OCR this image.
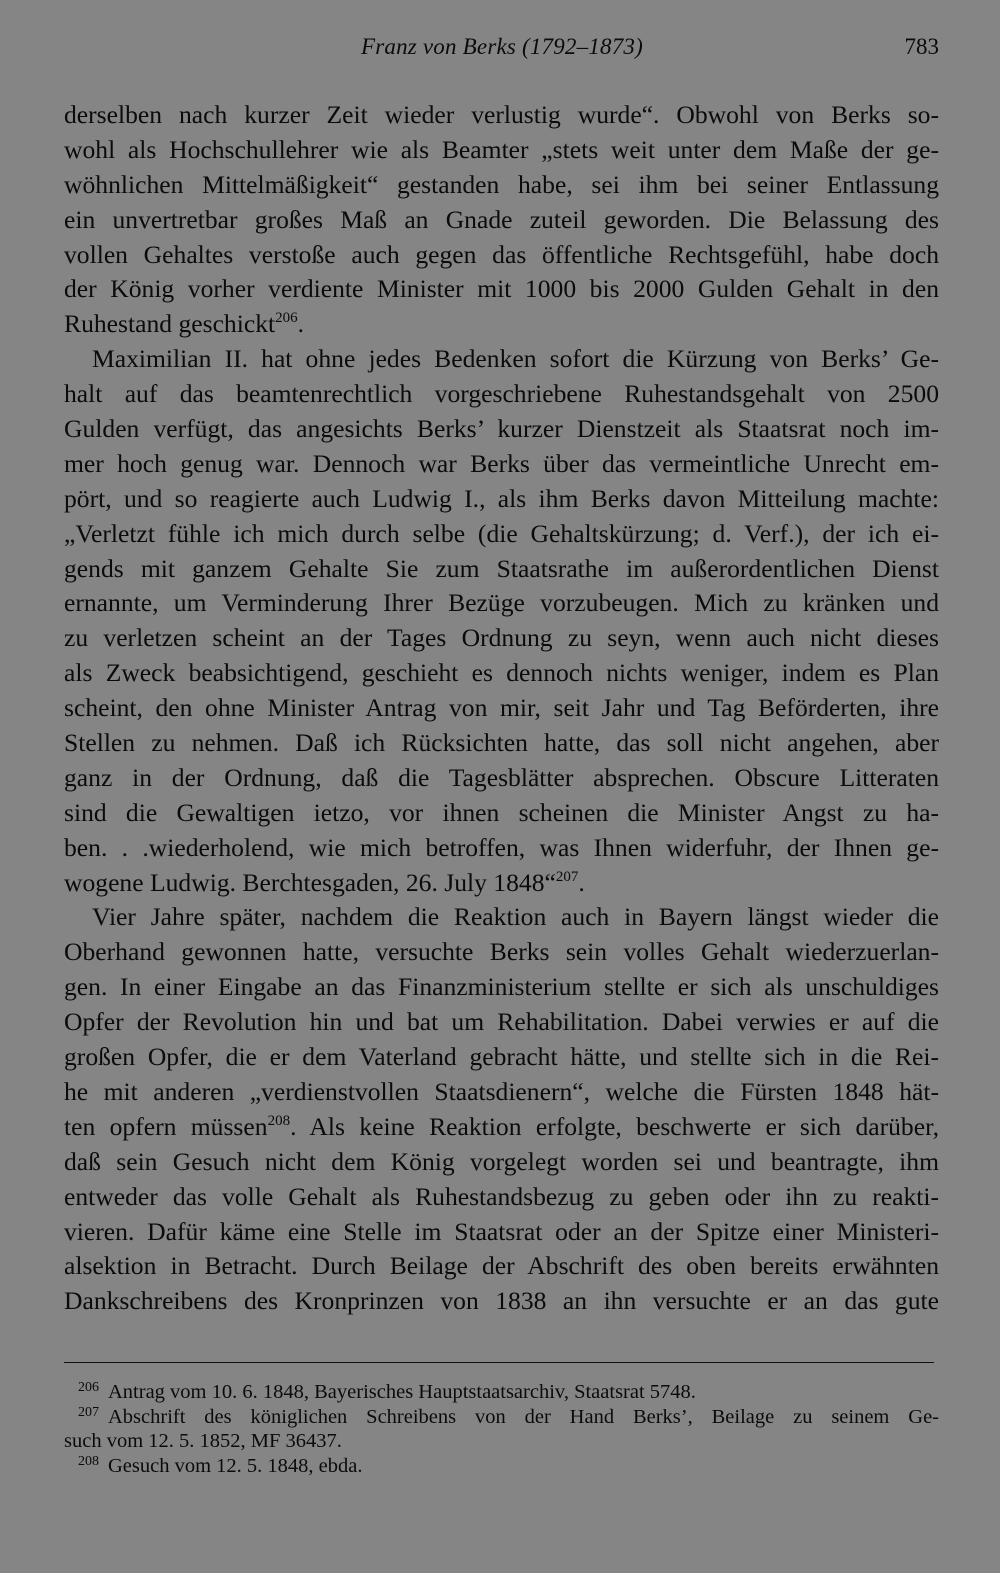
Franz von Berks (1792–1873)	783
derselben nach kurzer Zeit wieder verlustig wurde“. Obwohl von Berks so-
wohl als Hochschullehrer wie als Beamter „stets weit unter dem Maße der ge-
wöhnlichen Mittelmäßigkeit“ gestanden habe, sei ihm bei seiner Entlassung
ein unvertretbar großes Maß an Gnade zuteil geworden. Die Belassung des
vollen Gehaltes verstoße auch gegen das öffentliche Rechtsgefühl, habe doch
der König vorher verdiente Minister mit 1000 bis 2000 Gulden Gehalt in den
Ruhestand geschickt$^{206}$.
Maximilian II. hat ohne jedes Bedenken sofort die Kürzung von Berks’ Ge-
halt auf das beamtenrechtlich vorgeschriebene Ruhestandsgehalt von 2500
Gulden verfügt, das angesichts Berks’ kurzer Dienstzeit als Staatsrat noch im-
mer hoch genug war. Dennoch war Berks über das vermeintliche Unrecht em-
pört, und so reagierte auch Ludwig I., als ihm Berks davon Mitteilung machte:
„Verletzt fühle ich mich durch selbe (die Gehaltskürzung; d. Verf.), der ich ei-
gends mit ganzem Gehalte Sie zum Staatsrathe im außerordentlichen Dienst
ernannte, um Verminderung Ihrer Bezüge vorzubeugen. Mich zu kränken und
zu verletzen scheint an der Tages Ordnung zu seyn, wenn auch nicht dieses
als Zweck beabsichtigend, geschieht es dennoch nichts weniger, indem es Plan
scheint, den ohne Minister Antrag von mir, seit Jahr und Tag Beförderten, ihre
Stellen zu nehmen. Daß ich Rücksichten hatte, das soll nicht angehen, aber
ganz in der Ordnung, daß die Tagesblätter absprechen. Obscure Litteraten
sind die Gewaltigen ietzo, vor ihnen scheinen die Minister Angst zu ha-
ben. . .wiederholend, wie mich betroffen, was Ihnen widerfuhr, der Ihnen ge-
wogene Ludwig. Berchtesgaden, 26. July 1848“$^{207}$.
Vier Jahre später, nachdem die Reaktion auch in Bayern längst wieder die
Oberhand gewonnen hatte, versuchte Berks sein volles Gehalt wiederzuerlan-
gen. In einer Eingabe an das Finanzministerium stellte er sich als unschuldiges
Opfer der Revolution hin und bat um Rehabilitation. Dabei verwies er auf die
großen Opfer, die er dem Vaterland gebracht hätte, und stellte sich in die Rei-
he mit anderen „verdienstvollen Staatsdienern“, welche die Fürsten 1848 hät-
ten opfern müssen$^{208}$. Als keine Reaktion erfolgte, beschwerte er sich darüber,
daß sein Gesuch nicht dem König vorgelegt worden sei und beantragte, ihm
entweder das volle Gehalt als Ruhestandsbezug zu geben oder ihn zu reakti-
vieren. Dafür käme eine Stelle im Staatsrat oder an der Spitze einer Ministeri-
alsektion in Betracht. Durch Beilage der Abschrift des oben bereits erwähnten
Dankschreibens des Kronprinzen von 1838 an ihn versuchte er an das gute
$^{206}$ Antrag vom 10. 6. 1848, Bayerisches Hauptstaatsarchiv, Staatsrat 5748.
$^{207}$ Abschrift des königlichen Schreibens von der Hand Berks’, Beilage zu seinem Ge-
such vom 12. 5. 1852, MF 36437.
$^{208}$ Gesuch vom 12. 5. 1848, ebda.
